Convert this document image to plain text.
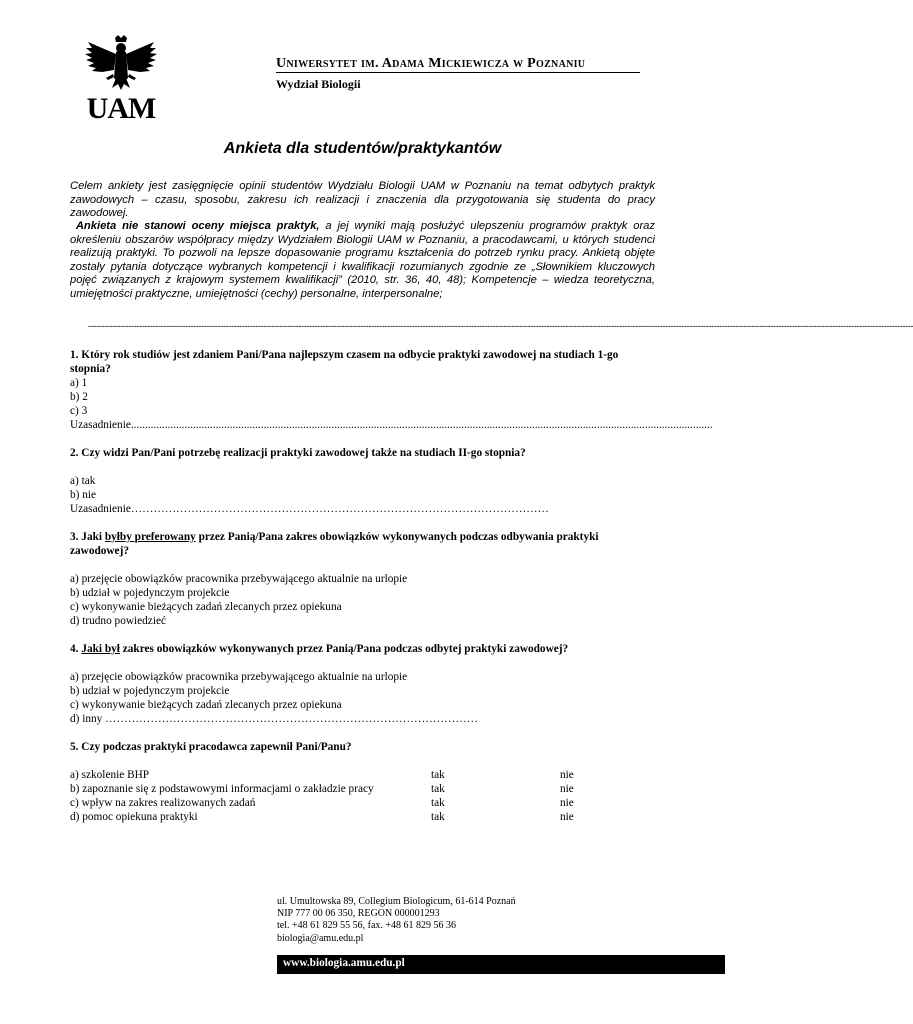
UAM
Uniwersytet im. Adama Mickiewicza w Poznaniu
Wydział Biologii
Ankieta dla studentów/praktykantów
Celem ankiety jest zasięgnięcie opinii studentów Wydziału Biologii UAM w Poznaniu na temat odbytych praktyk zawodowych – czasu, sposobu, zakresu ich realizacji i znaczenia dla przygotowania się studenta do pracy zawodowej.
Ankieta nie stanowi oceny miejsca praktyk, a jej wyniki mają posłużyć ulepszeniu programów praktyk oraz określeniu obszarów współpracy między Wydziałem Biologii UAM w Poznaniu, a pracodawcami, u których studenci realizują praktyki. To pozwoli na lepsze dopasowanie programu kształcenia do potrzeb rynku pracy. Ankietą objęte zostały pytania dotyczące wybranych kompetencji i kwalifikacji rozumianych zgodnie ze „Słownikiem kluczowych pojęć związanych z krajowym systemem kwalifikacji” (2010, str. 36, 40, 48); Kompetencje – wiedza teoretyczna, umiejętności praktyczne, umiejętności (cechy) personalne, interpersonalne;
------------------------------------------------------------------------------------------------------------------------------------------------------------------------------------------------------------------------------------------------------------------------------------------------------------------
1. Który rok studiów jest zdaniem Pani/Pana najlepszym czasem na odbycie praktyki zawodowej na studiach 1-go stopnia?
a) 1
b) 2
c) 3
Uzasadnienie..............................................................................................................................................................................................................
2. Czy widzi Pan/Pani potrzebę realizacji praktyki zawodowej także na studiach II-go stopnia?
a) tak
b) nie
Uzasadnienie…………………………………………………………………………………………………
3. Jaki byłby preferowany przez Panią/Pana zakres obowiązków wykonywanych podczas odbywania praktyki zawodowej?
a) przejęcie obowiązków pracownika przebywającego aktualnie na urlopie
b) udział w pojedynczym projekcie
c) wykonywanie bieżących zadań zlecanych przez opiekuna
d) trudno powiedzieć
4. Jaki był zakres obowiązków wykonywanych przez Panią/Pana podczas odbytej praktyki zawodowej?
a) przejęcie obowiązków pracownika przebywającego aktualnie na urlopie
b) udział w pojedynczym projekcie
c) wykonywanie bieżących zadań zlecanych przez opiekuna
d) inny ………………………………………………………………………………………
5. Czy podczas praktyki pracodawca zapewnił Pani/Panu?
a) szkolenie BHP	tak	nie
b) zapoznanie się z podstawowymi informacjami o zakładzie pracy	tak	nie
c) wpływ na zakres realizowanych zadań	tak	nie
d) pomoc opiekuna praktyki	tak	nie
ul. Umultowska 89, Collegium Biologicum, 61-614 Poznań
NIP 777 00 06 350, REGON 000001293
tel. +48 61 829 55 56, fax. +48 61 829 56 36
biologia@amu.edu.pl
www.biologia.amu.edu.pl
